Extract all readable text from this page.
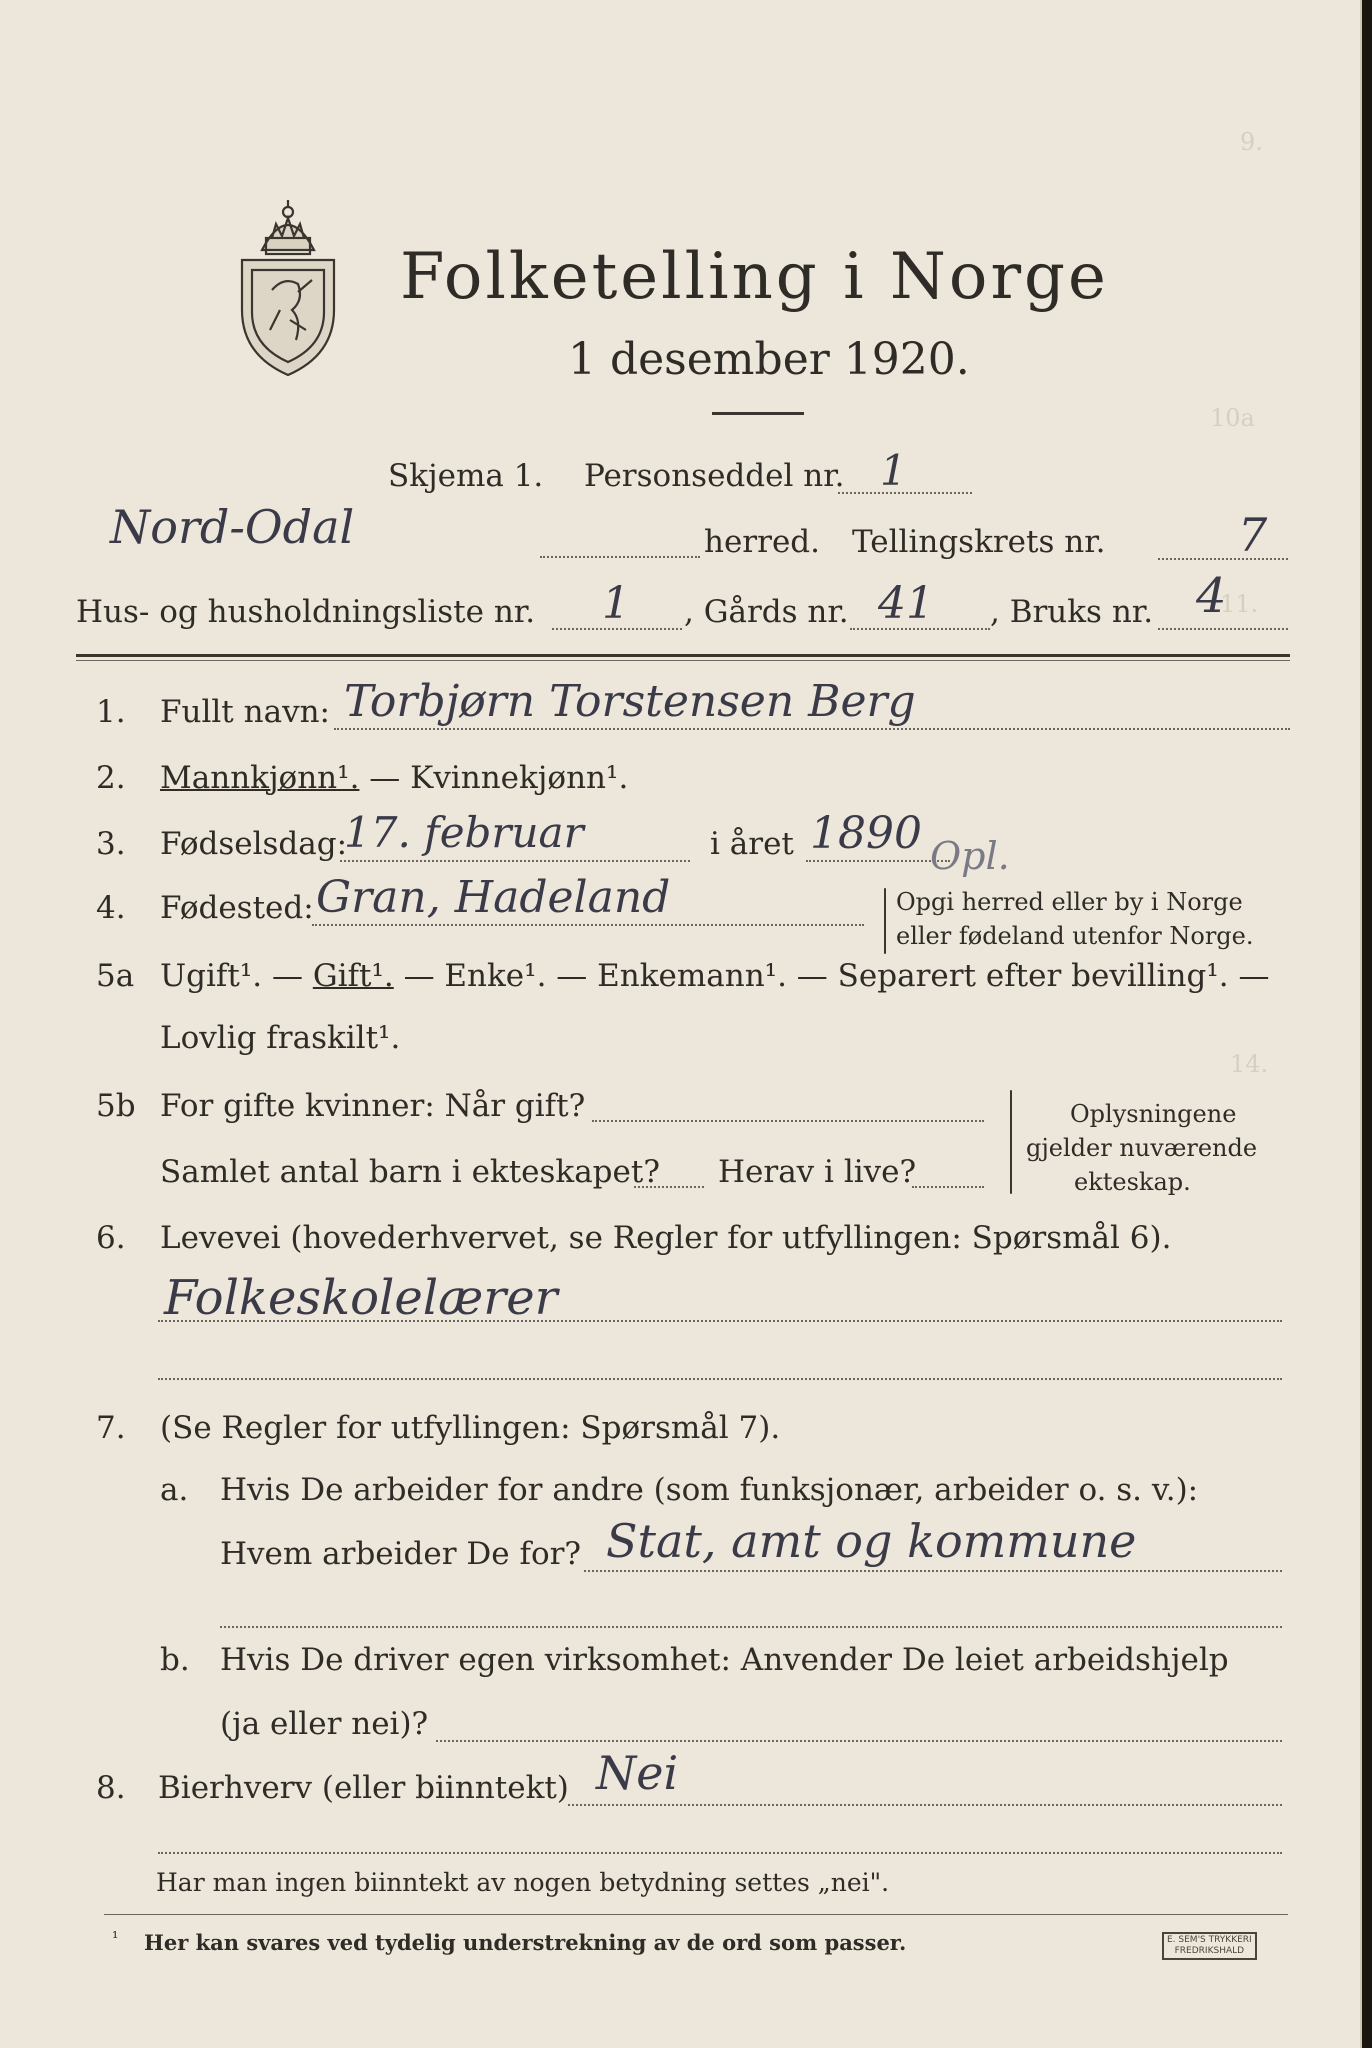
9.
10a
11.
14.
Folketelling i Norge
1 desember 1920.
Skjema 1. Personseddel nr. 1
Nord-Odal	herred. Tellingskrets nr.	7
Hus- og husholdningsliste nr. 1 , Gårds nr. 41 , Bruks nr. 4
1. Fullt navn: Torbjørn Torstensen Berg
2. Mannkjønn¹. — Kvinnekjønn¹.
3. Fødselsdag:
17. februar	i året 1890
4. Fødested: Gran, Hadeland
Opl.
Opgi herred eller by i Norge
eller fødeland utenfor Norge.
5a Ugift¹. — Gift¹. — Enke¹. — Enkemann¹. — Separert efter bevilling¹. —
Lovlig fraskilt¹.
5b For gifte kvinner: Når gift?
Samlet antal barn i ekteskapet? Herav i live?
Oplysningene
gjelder nuværende
ekteskap.
6. Levevei (hovederhvervet, se Regler for utfyllingen: Spørsmål 6).
Folkeskolelærer
7. (Se Regler for utfyllingen: Spørsmål 7).
a. Hvis De arbeider for andre (som funksjonær, arbeider o. s. v.):
Hvem arbeider De for? Stat, amt og kommune
b. Hvis De driver egen virksomhet: Anvender De leiet arbeidshjelp
(ja eller nei)?
8. Bierhverv (eller biinntekt) Nei
Har man ingen biinntekt av nogen betydning settes „nei".
¹ Her kan svares ved tydelig understrekning av de ord som passer.	E. SEM'S TRYKKERI
FREDRIKSHALD
